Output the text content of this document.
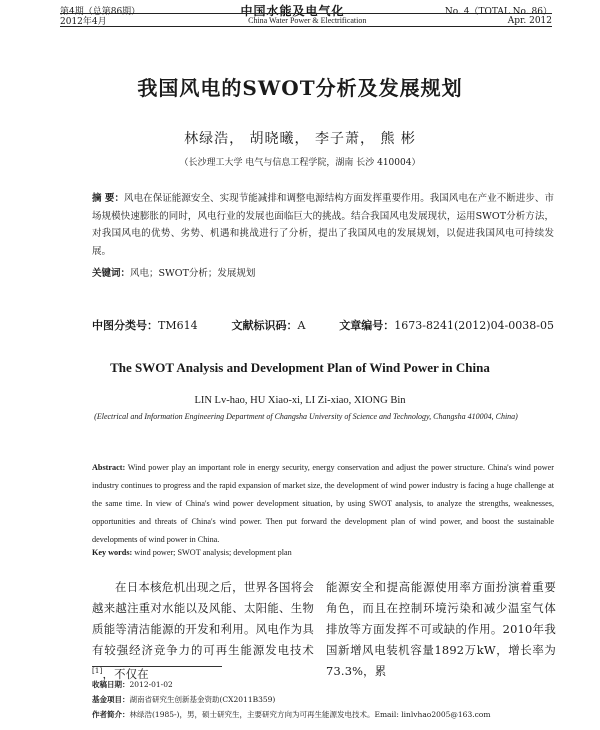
第4期（总第86期）	中国水能及电气化	No. 4（TOTAL No. 86）
2012年4月	China Water Power & Electrification	Apr. 2012
我国风电的SWOT分析及发展规划
林绿浩， 胡晓曦， 李子萧， 熊 彬
（长沙理工大学 电气与信息工程学院，湖南 长沙 410004）
摘 要：风电在保证能源安全、实现节能减排和调整电源结构方面发挥重要作用。我国风电在产业不断进步、市场规模快速膨胀的同时，风电行业的发展也面临巨大的挑战。结合我国风电发展现状，运用SWOT分析方法，对我国风电的优势、劣势、机遇和挑战进行了分析，提出了我国风电的发展规划，以促进我国风电可持续发展。
关键词：风电；SWOT分析；发展规划
中图分类号：TM614	文献标识码：A	文章编号：1673-8241(2012)04-0038-05
The SWOT Analysis and Development Plan of Wind Power in China
LIN Lv-hao, HU Xiao-xi, LI Zi-xiao, XIONG Bin
(Electrical and Information Engineering Department of Changsha University of Science and Technology, Changsha 410004, China)
Abstract: Wind power play an important role in energy security, energy conservation and adjust the power structure. China's wind power industry continues to progress and the rapid expansion of market size, the development of wind power industry is facing a huge challenge at the same time. In view of China's wind power development situation, by using SWOT analysis, to analyze the strengths, weaknesses, opportunities and threats of China's wind power. Then put forward the development plan of wind power, and boost the sustainable developments of wind power in China.
Key words: wind power; SWOT analysis; development plan
在日本核危机出现之后，世界各国将会越来越注重对水能以及风能、太阳能、生物质能等清洁能源的开发和利用。风电作为具有较强经济竞争力的可再生能源发电技术[1]，不仅在
能源安全和提高能源使用率方面扮演着重要角色，而且在控制环境污染和减少温室气体排放等方面发挥不可或缺的作用。2010年我国新增风电装机容量1892万kW，增长率为73.3%，累
收稿日期：2012-01-02
基金项目：湖南省研究生创新基金资助(CX2011B359)
作者简介：林绿浩(1985-)，男，硕士研究生，主要研究方向为可再生能源发电技术。Email: linlvhao2005@163.com
